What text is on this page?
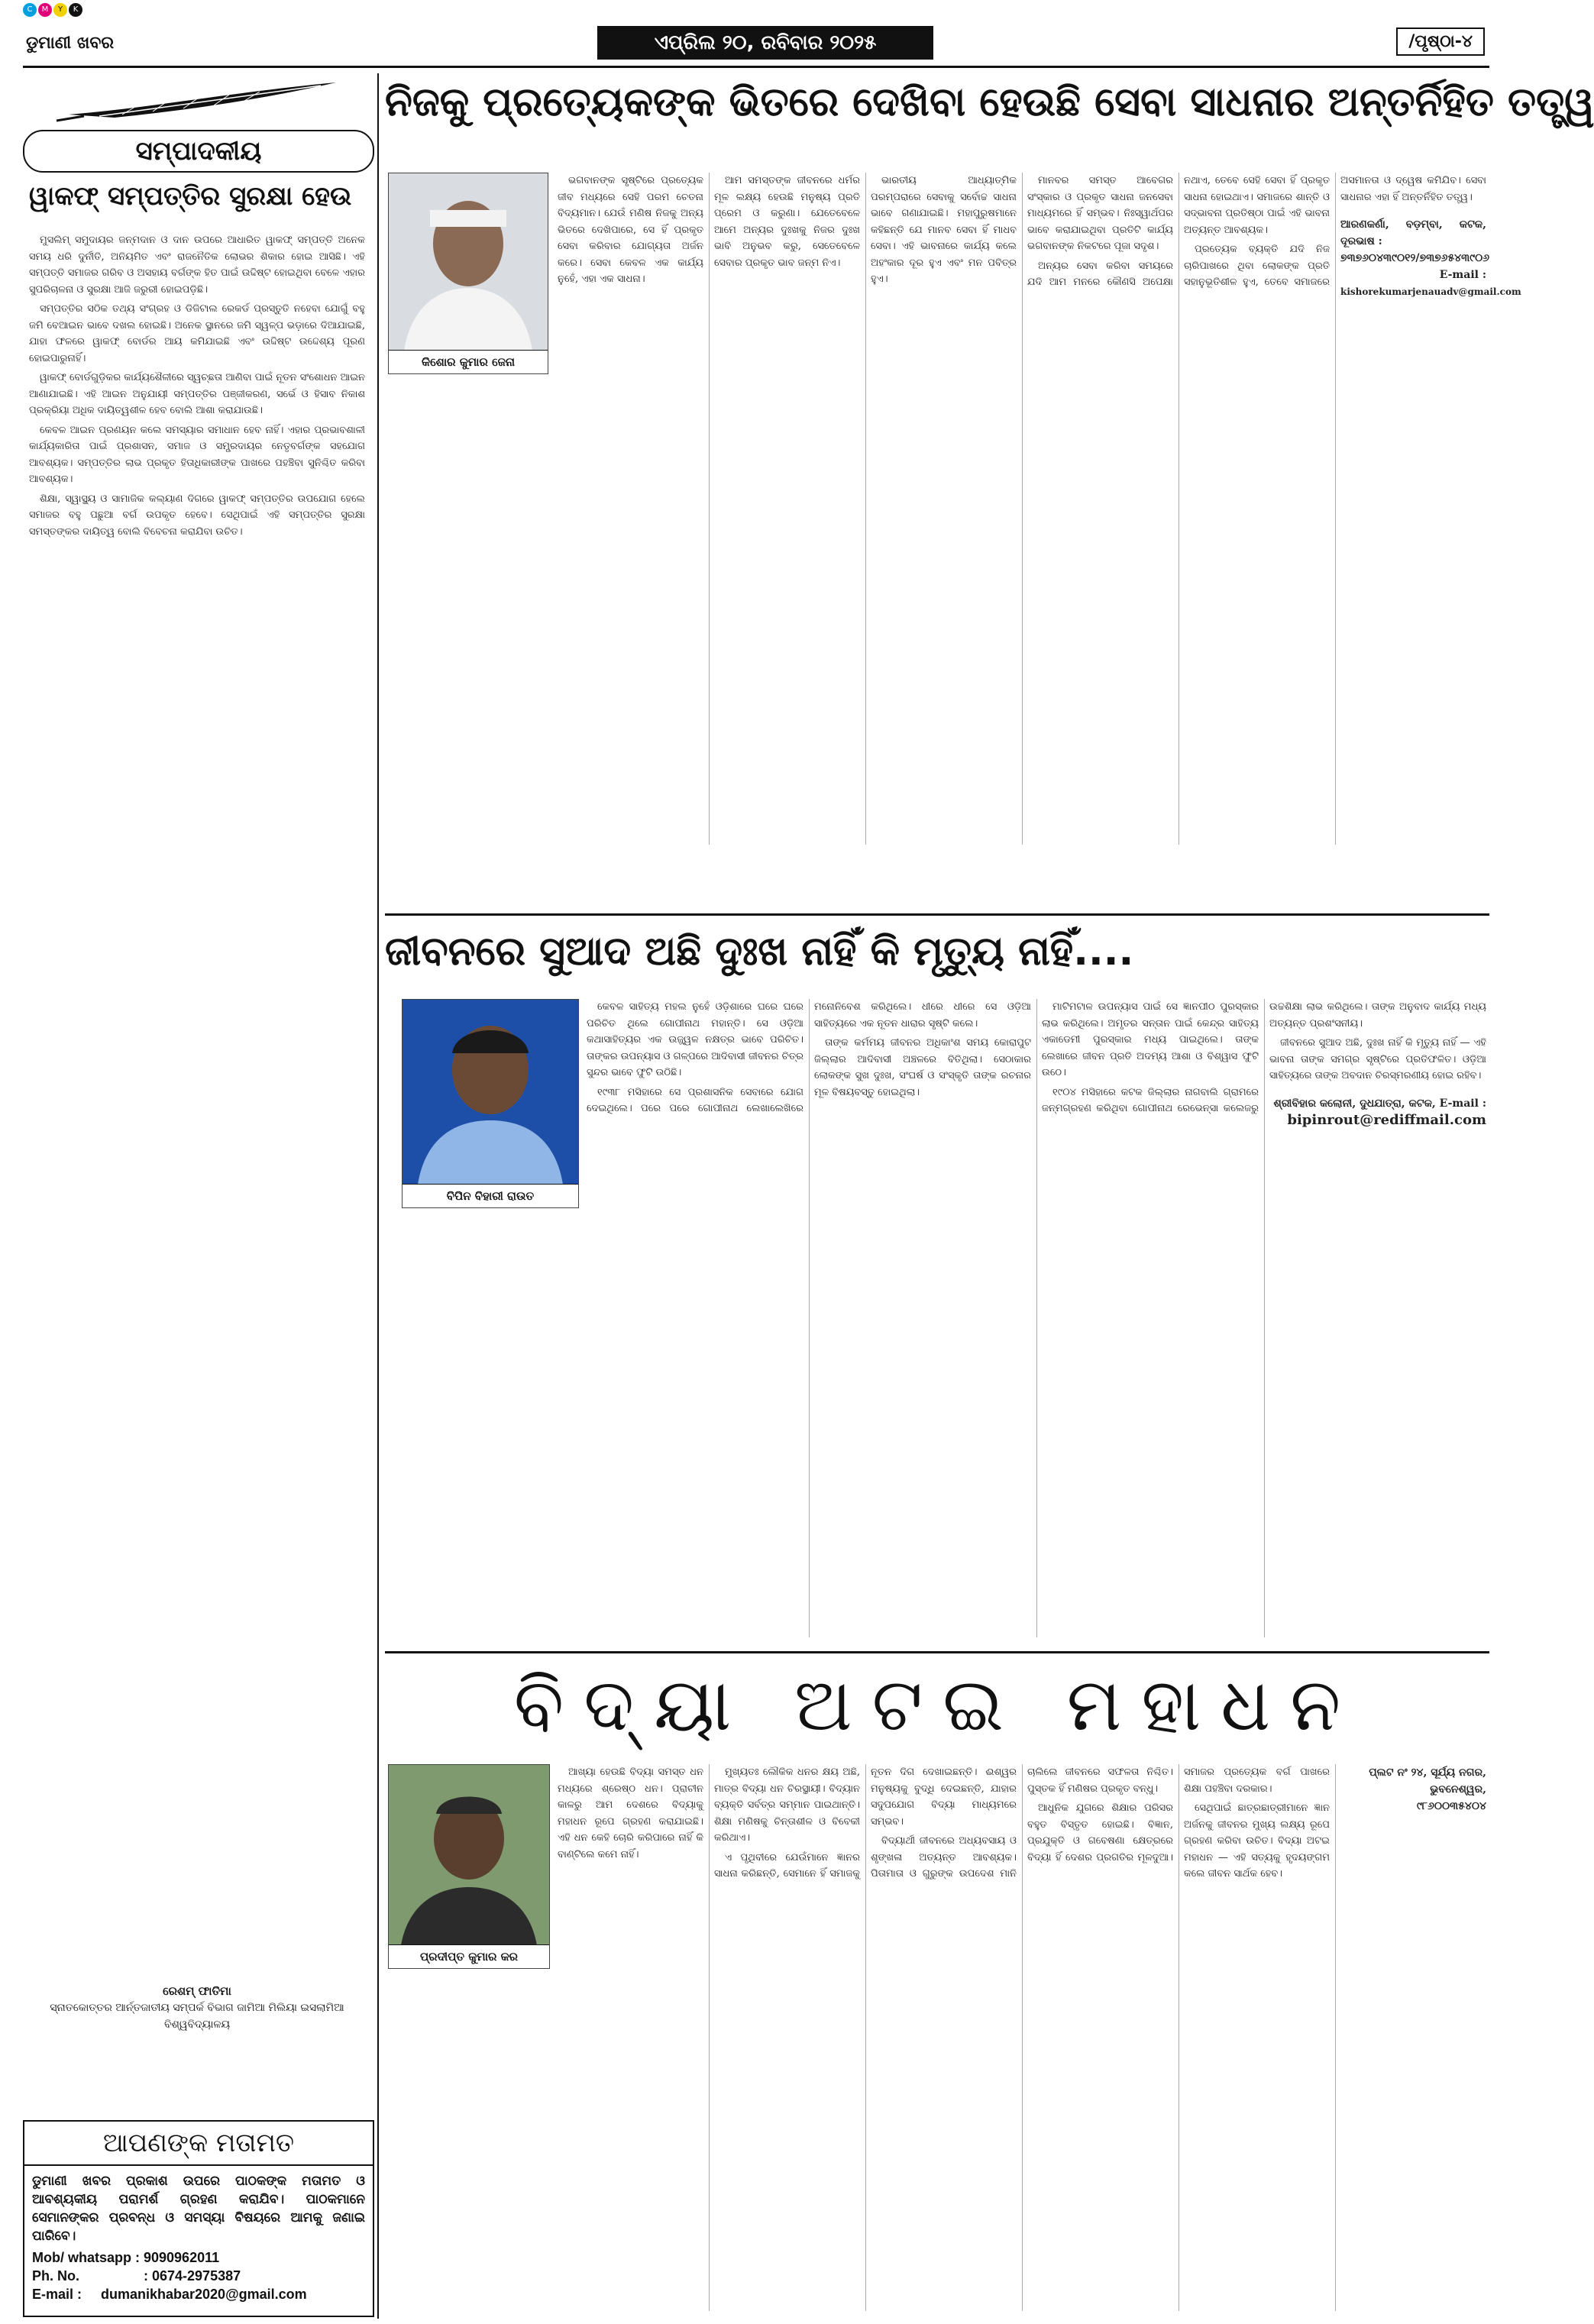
C	M	Y	K
ଡୁମାଣୀ ଖବର	ଏପ୍ରିଲ ୨୦, ରବିବାର ୨୦୨୫	/ପୃଷ୍ଠା-୪
ସମ୍ପାଦକୀୟ
ୱାକଫ୍ ସମ୍ପତ୍ତିର ସୁରକ୍ଷା ହେଉ

ମୁସଲିମ୍ ସମୁଦାୟର ଜନ୍ମଦାନ ଓ ଦାନ ଉପରେ ଆଧାରିତ ୱାକଫ୍ ସମ୍ପତ୍ତି ଅନେକ ସମୟ ଧରି ଦୁର୍ନୀତି, ଅନିୟମିତ ଏବଂ ରାଜନୈତିକ ଲୋଭର ଶିକାର ହୋଇ ଆସିଛି। ଏହି ସମ୍ପତ୍ତି ସମାଜର ଗରିବ ଓ ଅସହାୟ ବର୍ଗଙ୍କ ହିତ ପାଇଁ ଉଦ୍ଦିଷ୍ଟ ହୋଇଥିବା ବେଳେ ଏହାର ସୁପରିଚାଳନା ଓ ସୁରକ୍ଷା ଆଜି ଜରୁରୀ ହୋଇପଡ଼ିଛି।

ସମ୍ପତ୍ତିର ସଠିକ ତଥ୍ୟ ସଂଗ୍ରହ ଓ ଡିଜିଟାଲ ରେକର୍ଡ ପ୍ରସ୍ତୁତି ନହେବା ଯୋଗୁଁ ବହୁ ଜମି ବେଆଇନ ଭାବେ ଦଖଲ ହୋଇଛି। ଅନେକ ସ୍ଥାନରେ ଜମି ସ୍ୱଳ୍ପ ଭଡ଼ାରେ ଦିଆଯାଇଛି, ଯାହା ଫଳରେ ୱାକଫ୍ ବୋର୍ଡର ଆୟ କମିଯାଇଛି ଏବଂ ଉଦ୍ଦିଷ୍ଟ ଉଦ୍ଦେଶ୍ୟ ପୂରଣ ହୋଇପାରୁନାହିଁ।

ୱାକଫ୍ ବୋର୍ଡଗୁଡ଼ିକର କାର୍ଯ୍ୟଶୈଳୀରେ ସ୍ୱଚ୍ଛତା ଆଣିବା ପାଇଁ ନୂତନ ସଂଶୋଧନ ଆଇନ ଆଣାଯାଇଛି। ଏହି ଆଇନ ଅନୁଯାୟୀ ସମ୍ପତ୍ତିର ପଞ୍ଜୀକରଣ, ସର୍ଭେ ଓ ହିସାବ ନିକାଶ ପ୍ରକ୍ରିୟା ଅଧିକ ଦାୟିତ୍ୱଶୀଳ ହେବ ବୋଲି ଆଶା କରାଯାଉଛି।

କେବଳ ଆଇନ ପ୍ରଣୟନ କଲେ ସମସ୍ୟାର ସମାଧାନ ହେବ ନାହିଁ। ଏହାର ପ୍ରଭାବଶାଳୀ କାର୍ଯ୍ୟକାରିତା ପାଇଁ ପ୍ରଶାସନ, ସମାଜ ଓ ସମ୍ପ୍ରଦାୟର ନେତୃବର୍ଗଙ୍କ ସହଯୋଗ ଆବଶ୍ୟକ। ସମ୍ପତ୍ତିର ଲାଭ ପ୍ରକୃତ ହିତାଧିକାରୀଙ୍କ ପାଖରେ ପହଞ୍ଚିବା ସୁନିଶ୍ଚିତ କରିବା ଆବଶ୍ୟକ।

ଶିକ୍ଷା, ସ୍ୱାସ୍ଥ୍ୟ ଓ ସାମାଜିକ କଲ୍ୟାଣ ଦିଗରେ ୱାକଫ୍ ସମ୍ପତ୍ତିର ଉପଯୋଗ ହେଲେ ସମାଜର ବହୁ ପଛୁଆ ବର୍ଗ ଉପକୃତ ହେବେ। ସେଥିପାଇଁ ଏହି ସମ୍ପତ୍ତିର ସୁରକ୍ଷା ସମସ୍ତଙ୍କର ଦାୟିତ୍ୱ ବୋଲି ବିବେଚନା କରାଯିବା ଉଚିତ।

ରେଶମ୍ ଫାତିମା
ସ୍ନାତକୋତ୍ତର ଆର୍ନ୍ତଜାତୀୟ ସମ୍ପର୍କ ବିଭାଗ ଜାମିଆ ମିଲିୟା ଇସଲାମିଆ ବିଶ୍ୱବିଦ୍ୟାଳୟ
ଆପଣଙ୍କ ମତାମତ
ଡୁମାଣୀ ଖବର ପ୍ରକାଶ ଉପରେ ପାଠକଙ୍କ ମତାମତ ଓ ଆବଶ୍ୟକୀୟ ପରାମର୍ଶ ଗ୍ରହଣ କରାଯିବ। ପାଠକମାନେ ସେମାନଙ୍କର ପ୍ରବନ୍ଧ ଓ ସମସ୍ୟା ବିଷୟରେ ଆମକୁ ଜଣାଇ ପାରିବେ।
Mob/ whatsapp : 9090962011
Ph. No.	: 0674-2975387
E-mail :	dumanikhabar2020@gmail.com
ନିଜକୁ ପ୍ରତ୍ୟେକଙ୍କ ଭିତରେ ଦେଖିବା ହେଉଛି ସେବା ସାଧନାର ଅନ୍ତର୍ନିହିତ ତତ୍ତ୍ୱ
କିଶୋର କୁମାର ଜେନା

ଭଗବାନଙ୍କ ସୃଷ୍ଟିରେ ପ୍ରତ୍ୟେକ ଜୀବ ମଧ୍ୟରେ ସେହି ପରମ ଚେତନା ବିଦ୍ୟମାନ। ଯେଉଁ ମଣିଷ ନିଜକୁ ଅନ୍ୟ ଭିତରେ ଦେଖିପାରେ, ସେ ହିଁ ପ୍ରକୃତ ସେବା କରିବାର ଯୋଗ୍ୟତା ଅର୍ଜନ କରେ। ସେବା କେବଳ ଏକ କାର୍ଯ୍ୟ ନୁହେଁ, ଏହା ଏକ ସାଧନା।

ଆମ ସମସ୍ତଙ୍କ ଜୀବନରେ ଧର୍ମର ମୂଳ ଲକ୍ଷ୍ୟ ହେଉଛି ମନୁଷ୍ୟ ପ୍ରତି ପ୍ରେମ ଓ କରୁଣା। ଯେତେବେଳେ ଆମେ ଅନ୍ୟର ଦୁଃଖକୁ ନିଜର ଦୁଃଖ ଭାବି ଅନୁଭବ କରୁ, ସେତେବେଳେ ସେବାର ପ୍ରକୃତ ଭାବ ଜନ୍ମ ନିଏ।

ଭାରତୀୟ ଆଧ୍ୟାତ୍ମିକ ପରମ୍ପରାରେ ସେବାକୁ ସର୍ବୋଚ୍ଚ ସାଧନା ଭାବେ ଗଣାଯାଇଛି। ମହାପୁରୁଷମାନେ କହିଛନ୍ତି ଯେ ମାନବ ସେବା ହିଁ ମାଧବ ସେବା। ଏହି ଭାବନାରେ କାର୍ଯ୍ୟ କଲେ ଅହଂକାର ଦୂର ହୁଏ ଏବଂ ମନ ପବିତ୍ର ହୁଏ।

ମାନବର ସମସ୍ତ ଆବେଗର ସଂସ୍କାର ଓ ପ୍ରକୃତ ସାଧନା ଜନସେବା ମାଧ୍ୟମରେ ହିଁ ସମ୍ଭବ। ନିଃସ୍ୱାର୍ଥପର ଭାବେ କରାଯାଇଥିବା ପ୍ରତିଟି କାର୍ଯ୍ୟ ଭଗବାନଙ୍କ ନିକଟରେ ପୂଜା ସଦୃଶ।

ଅନ୍ୟର ସେବା କରିବା ସମୟରେ ଯଦି ଆମ ମନରେ କୌଣସି ଅପେକ୍ଷା ନଥାଏ, ତେବେ ସେହି ସେବା ହିଁ ପ୍ରକୃତ ସାଧନା ହୋଇଥାଏ। ସମାଜରେ ଶାନ୍ତି ଓ ସଦ୍ଭାବନା ପ୍ରତିଷ୍ଠା ପାଇଁ ଏହି ଭାବନା ଅତ୍ୟନ୍ତ ଆବଶ୍ୟକ।

ପ୍ରତ୍ୟେକ ବ୍ୟକ୍ତି ଯଦି ନିଜ ଚାରିପାଖରେ ଥିବା ଲୋକଙ୍କ ପ୍ରତି ସହାନୁଭୂତିଶୀଳ ହୁଏ, ତେବେ ସମାଜରେ ଅସମାନତା ଓ ଦ୍ୱେଷ କମିଯିବ। ସେବା ସାଧନାର ଏହା ହିଁ ଅନ୍ତର୍ନିହିତ ତତ୍ତ୍ୱ।

ଆରଣକର୍ଣା, ବଡ଼ମ୍ବା, କଟକ, ଦୂରଭାଷ :
୭୩୭୬୦୪୩୯୦୧୨/୭୩୭୬୫୪୩୯୦୬
E-mail :
kishorekumarjenauadv@gmail.com
ଜୀବନରେ ସୁଆଦ ଅଛି ଦୁଃଖ ନାହିଁ କି ମୃତ୍ୟୁ ନାହିଁ....
ବିପିନ ବିହାରୀ ରାଉତ

କେବଳ ସାହିତ୍ୟ ମହଲ ନୁହେଁ ଓଡ଼ିଶାରେ ଘରେ ଘରେ ପରିଚିତ ଥିଲେ ଗୋପୀନାଥ ମହାନ୍ତି। ସେ ଓଡ଼ିଆ କଥାସାହିତ୍ୟର ଏକ ଉଜ୍ଜ୍ୱଳ ନକ୍ଷତ୍ର ଭାବେ ପରିଚିତ। ତାଙ୍କର ଉପନ୍ୟାସ ଓ ଗଳ୍ପରେ ଆଦିବାସୀ ଜୀବନର ଚିତ୍ର ସୁନ୍ଦର ଭାବେ ଫୁଟି ଉଠିଛି।

୧୯୩୮ ମସିହାରେ ସେ ପ୍ରଶାସନିକ ସେବାରେ ଯୋଗ ଦେଇଥିଲେ। ପରେ ପରେ ଗୋପୀନାଥ ଲେଖାଲେଖିରେ ମନୋନିବେଶ କରିଥିଲେ। ଧୀରେ ଧୀରେ ସେ ଓଡ଼ିଆ ସାହିତ୍ୟରେ ଏକ ନୂତନ ଧାରାର ସୃଷ୍ଟି କଲେ।

ତାଙ୍କ କର୍ମମୟ ଜୀବନର ଅଧିକାଂଶ ସମୟ କୋରାପୁଟ ଜିଲ୍ଲାର ଆଦିବାସୀ ଅଞ୍ଚଳରେ ବିତିଥିଲା। ସେଠାକାର ଲୋକଙ୍କ ସୁଖ ଦୁଃଖ, ସଂଘର୍ଷ ଓ ସଂସ୍କୃତି ତାଙ୍କ ରଚନାର ମୂଳ ବିଷୟବସ୍ତୁ ହୋଇଥିଲା।

ମାଟିମଟାଳ ଉପନ୍ୟାସ ପାଇଁ ସେ ଜ୍ଞାନପୀଠ ପୁରସ୍କାର ଲାଭ କରିଥିଲେ। ଅମୃତର ସନ୍ତାନ ପାଇଁ କେନ୍ଦ୍ର ସାହିତ୍ୟ ଏକାଡେମୀ ପୁରସ୍କାର ମଧ୍ୟ ପାଇଥିଲେ। ତାଙ୍କ ଲେଖାରେ ଜୀବନ ପ୍ରତି ଅଦମ୍ୟ ଆଶା ଓ ବିଶ୍ୱାସ ଫୁଟି ଉଠେ।

୧୯୦୪ ମସିହାରେ କଟକ ଜିଲ୍ଲାର ନାଗବାଲି ଗ୍ରାମରେ ଜନ୍ମଗ୍ରହଣ କରିଥିବା ଗୋପୀନାଥ ରେଭେନ୍ସା କଲେଜରୁ ଉଚ୍ଚଶିକ୍ଷା ଲାଭ କରିଥିଲେ। ତାଙ୍କ ଅନୁବାଦ କାର୍ଯ୍ୟ ମଧ୍ୟ ଅତ୍ୟନ୍ତ ପ୍ରଶଂସନୀୟ।

ଜୀବନରେ ସୁଆଦ ଅଛି, ଦୁଃଖ ନାହିଁ କି ମୃତ୍ୟୁ ନାହିଁ — ଏହି ଭାବନା ତାଙ୍କ ସମଗ୍ର ସୃଷ୍ଟିରେ ପ୍ରତିଫଳିତ। ଓଡ଼ିଆ ସାହିତ୍ୟରେ ତାଙ୍କ ଅବଦାନ ଚିରସ୍ମରଣୀୟ ହୋଇ ରହିବ।

ଶ୍ରୀବିହାର କଲୋନୀ, ଦୁଧଯାତ୍ରା, କଟକ, E-mail :
bipinrout@rediffmail.com
ବିଦ୍ୟା ଅଟଇ ମହାଧନ
ପ୍ରଦୀପ୍ତ କୁମାର କର

ଆଖ୍ୟା ହେଉଛି ବିଦ୍ୟା ସମସ୍ତ ଧନ ମଧ୍ୟରେ ଶ୍ରେଷ୍ଠ ଧନ। ପ୍ରାଚୀନ କାଳରୁ ଆମ ଦେଶରେ ବିଦ୍ୟାକୁ ମହାଧନ ରୂପେ ଗ୍ରହଣ କରାଯାଇଛି। ଏହି ଧନ କେହି ଚୋରି କରିପାରେ ନାହିଁ କି ବାଣ୍ଟିଲେ କମେ ନାହିଁ।

ମୁଖ୍ୟତଃ ଲୌକିକ ଧନର କ୍ଷୟ ଅଛି, ମାତ୍ର ବିଦ୍ୟା ଧନ ଚିରସ୍ଥାୟୀ। ବିଦ୍ୟାନ ବ୍ୟକ୍ତି ସର୍ବତ୍ର ସମ୍ମାନ ପାଇଥାନ୍ତି। ଶିକ୍ଷା ମଣିଷକୁ ଚିନ୍ତାଶୀଳ ଓ ବିବେକୀ କରିଥାଏ।

ଏ ପୃଥିବୀରେ ଯେଉଁମାନେ ଜ୍ଞାନର ସାଧନା କରିଛନ୍ତି, ସେମାନେ ହିଁ ସମାଜକୁ ନୂତନ ଦିଗ ଦେଖାଇଛନ୍ତି। ଈଶ୍ୱର ମନୁଷ୍ୟକୁ ବୁଦ୍ଧି ଦେଇଛନ୍ତି, ଯାହାର ସଦୁପଯୋଗ ବିଦ୍ୟା ମାଧ୍ୟମରେ ସମ୍ଭବ।

ବିଦ୍ୟାର୍ଥୀ ଜୀବନରେ ଅଧ୍ୟବସାୟ ଓ ଶୃଙ୍ଖଳା ଅତ୍ୟନ୍ତ ଆବଶ୍ୟକ। ପିତାମାତା ଓ ଗୁରୁଙ୍କ ଉପଦେଶ ମାନି ଚାଲିଲେ ଜୀବନରେ ସଫଳତା ନିଶ୍ଚିତ। ପୁସ୍ତକ ହିଁ ମଣିଷର ପ୍ରକୃତ ବନ୍ଧୁ।

ଆଧୁନିକ ଯୁଗରେ ଶିକ୍ଷାର ପରିସର ବହୁତ ବିସ୍ତୃତ ହୋଇଛି। ବିଜ୍ଞାନ, ପ୍ରଯୁକ୍ତି ଓ ଗବେଷଣା କ୍ଷେତ୍ରରେ ବିଦ୍ୟା ହିଁ ଦେଶର ପ୍ରଗତିର ମୂଳଦୁଆ। ସମାଜର ପ୍ରତ୍ୟେକ ବର୍ଗ ପାଖରେ ଶିକ୍ଷା ପହଞ୍ଚିବା ଦରକାର।

ସେଥିପାଇଁ ଛାତ୍ରଛାତ୍ରୀମାନେ ଜ୍ଞାନ ଅର୍ଜନକୁ ଜୀବନର ମୁଖ୍ୟ ଲକ୍ଷ୍ୟ ରୂପେ ଗ୍ରହଣ କରିବା ଉଚିତ। ବିଦ୍ୟା ଅଟଇ ମହାଧନ — ଏହି ସତ୍ୟକୁ ହୃଦୟଙ୍ଗମ କଲେ ଜୀବନ ସାର୍ଥକ ହେବ।

ପ୍ଲଟ ନଂ ୨୪, ସୂର୍ଯ୍ୟ ନଗର, ଭୁବନେଶ୍ୱର,
୯୮୬୦୦୩୫୪୦୪
